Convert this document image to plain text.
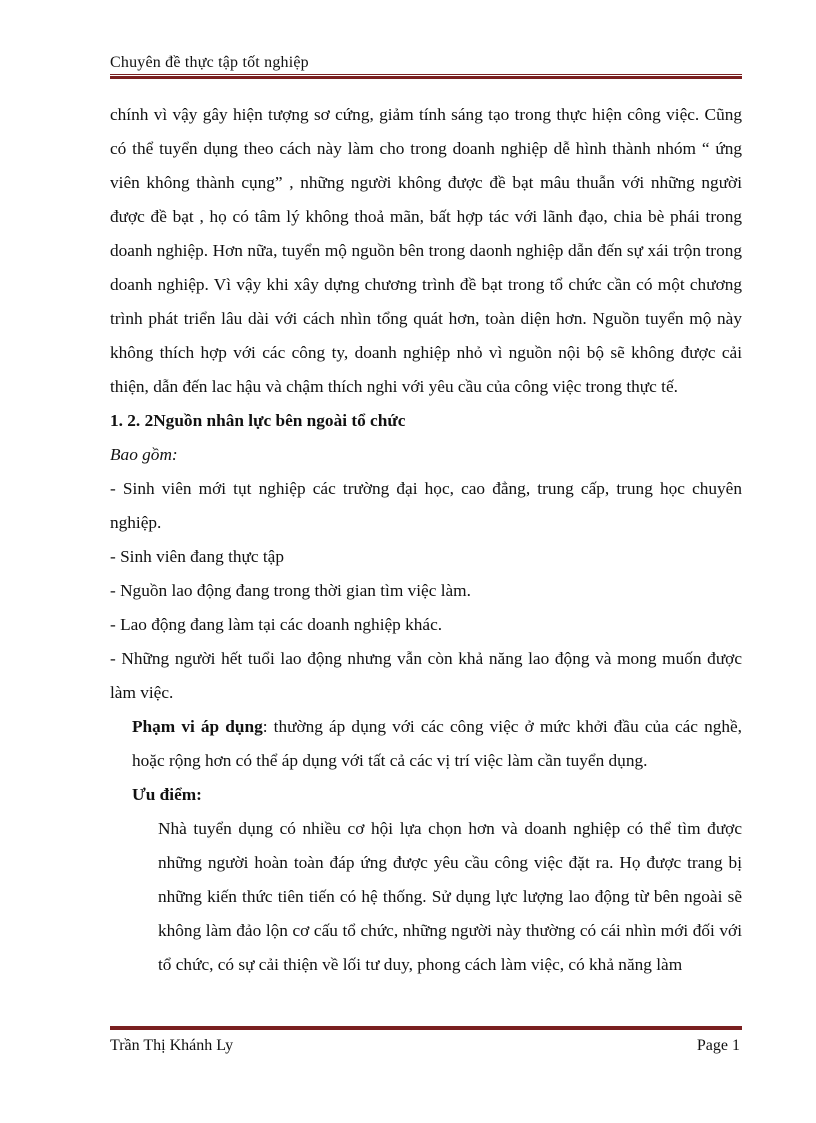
Chuyên đề thực tập tốt nghiệp

chính vì vậy gây hiện tượng sơ cứng, giảm tính sáng tạo trong thực hiện công việc. Cũng có thể tuyển dụng theo cách này làm cho trong doanh nghiệp dễ hình thành nhóm “ ứng viên không thành cụng” , những người không được đề bạt mâu thuẫn với những người được đề bạt , họ có tâm lý không thoả mãn, bất hợp tác với lãnh đạo, chia bè phái trong doanh nghiệp. Hơn nữa, tuyển mộ nguồn bên trong daonh nghiệp dẫn đến sự xái trộn trong doanh nghiệp. Vì vậy khi xây dựng chương trình đề bạt trong tổ chức cần có một chương trình phát triển lâu dài với cách nhìn tổng quát hơn, toàn diện hơn. Nguồn tuyển mộ này không thích hợp với các công ty, doanh nghiệp nhỏ vì nguồn nội bộ sẽ không được cải thiện, dẫn đến lac hậu và chậm thích nghi với yêu cầu của công việc trong thực tế.

1. 2. 2Nguồn nhân lực bên ngoài tổ chức

Bao gồm:

- Sinh viên mới tụt nghiệp các trường đại học, cao đẳng, trung cấp, trung học chuyên nghiệp.

- Sinh viên đang thực tập

- Nguồn lao động đang trong thời gian tìm việc làm.

- Lao động đang làm tại các doanh nghiệp khác.

- Những người hết tuổi lao động nhưng vẫn còn khả năng lao động và mong muốn được làm việc.

Phạm vi áp dụng: thường áp dụng với các công việc ở mức khởi đầu của các nghề, hoặc rộng hơn có thể áp dụng với tất cả các vị trí việc làm cần tuyển dụng.

Ưu điểm:

Nhà tuyển dụng có nhiều cơ hội lựa chọn hơn và doanh nghiệp có thể tìm được những người hoàn toàn đáp ứng được yêu cầu công việc đặt ra. Họ được trang bị những kiến thức tiên tiến có hệ thống. Sử dụng lực lượng lao động từ bên ngoài sẽ không làm đảo lộn cơ cấu tổ chức, những người này thường có cái nhìn mới đối với tổ chức, có sự cải thiện về lối tư duy, phong cách làm việc, có khả năng làm

Trần Thị Khánh Ly	Page 1
